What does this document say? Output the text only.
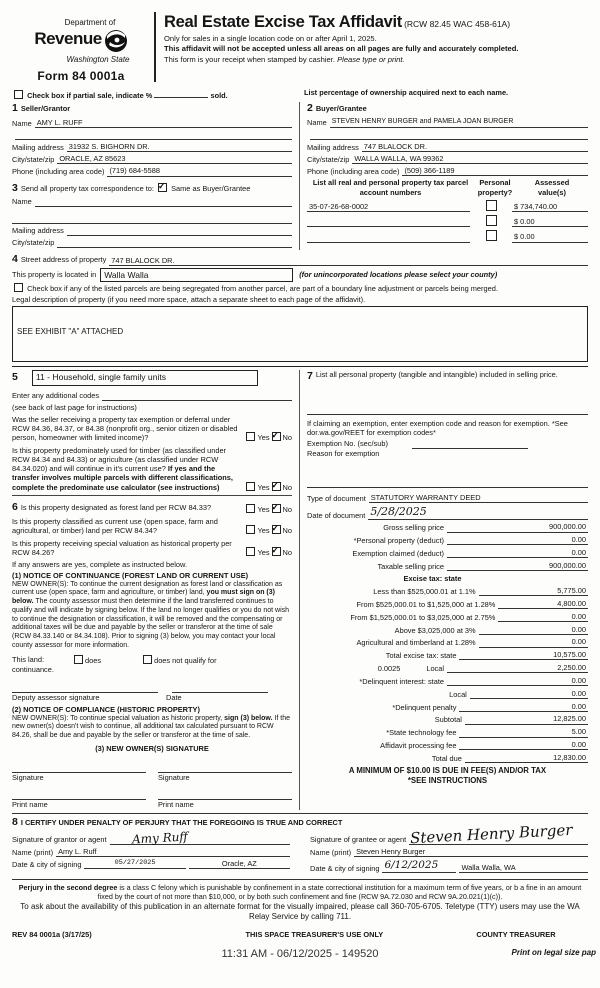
Department of
Revenue
Washington State
Form 84 0001a
Real Estate Excise Tax Affidavit (RCW 82.45 WAC 458-61A)
Only for sales in a single location code on or after April 1, 2025.
This affidavit will not be accepted unless all areas on all pages are fully and accurately completed.
This form is your receipt when stamped by cashier. Please type or print.
Check box if partial sale, indicate %	sold.	List percentage of ownership acquired next to each name.
1 Seller/Grantor
Name AMY L. RUFF
Mailing address 31932 S. BIGHORN DR.
City/state/zip ORACLE, AZ 85623
Phone (including area code) (719) 684-5588
3 Send all property tax correspondence to: ✓ Same as Buyer/Grantee
Name
Mailing address
City/state/zip
2 Buyer/Grantee
Name STEVEN HENRY BURGER and PAMELA JOAN BURGER
Mailing address 747 BLALOCK DR.
City/state/zip WALLA WALLA, WA 99362
Phone (including area code) (509) 366-1189
List all real and personal property tax parcel account numbers
Personal
property?
Assessed
value(s)
35-07-26-68-0002	$ 734,740.00
$ 0.00
$ 0.00
4 Street address of property 747 BLALOCK DR.
This property is located in Walla Walla	(for unincorporated locations please select your county)
Check box if any of the listed parcels are being segregated from another parcel, are part of a boundary line adjustment or parcels being merged.
Legal description of property (if you need more space, attach a separate sheet to each page of the affidavit).
SEE EXHIBIT "A" ATTACHED
5	11 - Household, single family units
Enter any additional codes
(see back of last page for instructions)

Was the seller receiving a property tax exemption or deferral under RCW 84.36, 84.37, or 84.38 (nonprofit org., senior citizen or disabled person, homeowner with limited income)?	Yes ✓ No

Is this property predominately used for timber (as classified under RCW 84.34 and 84.33) or agriculture (as classified under RCW 84.34.020) and will continue in it's current use? If yes and the transfer involves multiple parcels with different classifications, complete the predominate use calculator (see instructions)	Yes ✓ No

6 Is this property designated as forest land per RCW 84.33?	Yes ✓ No

Is this property classified as current use (open space, farm and agricultural, or timber) land per RCW 84.34?	Yes ✓ No

Is this property receiving special valuation as historical property per RCW 84.26?	Yes ✓ No
If any answers are yes, complete as instructed below.
(1) NOTICE OF CONTINUANCE (FOREST LAND OR CURRENT USE)

NEW OWNER(S): To continue the current designation as forest land or classification as current use (open space, farm and agriculture, or timber) land, you must sign on (3) below. The county assessor must then determine if the land transferred continues to qualify and will indicate by signing below. If the land no longer qualifies or you do not wish to continue the designation or classification, it will be removed and the compensating or additional taxes will be due and payable by the seller or transferor at the time of sale (RCW 84.33.140 or 84.34.108). Prior to signing (3) below, you may contact your local county assessor for more information.

This land:	does	does not qualify for
continuance.
Deputy assessor signature	Date
(2) NOTICE OF COMPLIANCE (HISTORIC PROPERTY)

NEW OWNER(S): To continue special valuation as historic property, sign (3) below. If the new owner(s) doesn't wish to continue, all additional tax calculated pursuant to RCW 84.26, shall be due and payable by the seller or transferor at the time of sale.

(3) NEW OWNER(S) SIGNATURE
Signature	Signature
Print name	Print name
7 List all personal property (tangible and intangible) included in selling price.

If claiming an exemption, enter exemption code and reason for exemption. *See dor.wa.gov/REET for exemption codes*

Exemption No. (sec/sub)
Reason for exemption
Type of document STATUTORY WARRANTY DEED
Date of document 5/28/2025
Gross selling price	900,000.00
*Personal property (deduct)	0.00
Exemption claimed (deduct)	0.00
Taxable selling price	900,000.00
Excise tax: state
Less than $525,000.01 at 1.1%	5,775.00
From $525,000.01 to $1,525,000 at 1.28%	4,800.00
From $1,525,000.01 to $3,025,000 at 2.75%	0.00
Above $3,025,000 at 3%	0.00
Agricultural and timberland at 1.28%	0.00
Total excise tax: state	10,575.00
0.0025	Local	2,250.00
*Delinquent interest: state	0.00
Local	0.00
*Delinquent penalty	0.00
Subtotal	12,825.00
*State technology fee	5.00
Affidavit processing fee	0.00
Total due	12,830.00
A MINIMUM OF $10.00 IS DUE IN FEE(S) AND/OR TAX
*SEE INSTRUCTIONS
8 I CERTIFY UNDER PENALTY OF PERJURY THAT THE FOREGOING IS TRUE AND CORRECT
Amy Ruff
Signature of grantor or agent
Name (print) Amy L. Ruff
Date & city of signing	05/27/2025	Oracle, AZ
Steven Henry Burger
Signature of grantee or agent
Name (print) Steven Henry Burger
Date & city of signing 6/12/2025	Walla Walla, WA

Perjury in the second degree is a class C felony which is punishable by confinement in a state correctional institution for a maximum term of five years, or b a fine in an amount fixed by the court of not more than $10,000, or by both such confinement and fine (RCW 9A.72.030 and RCW 9A.20.021(1)(c)).

To ask about the availability of this publication in an alternate format for the visually impaired, please call 360-705-6705. Teletype (TTY) users may use the WA Relay Service by calling 711.

REV 84 0001a (3/17/25)	THIS SPACE TREASURER'S USE ONLY	COUNTY TREASURER
11:31 AM - 06/12/2025 - 149520	Print on legal size pap
